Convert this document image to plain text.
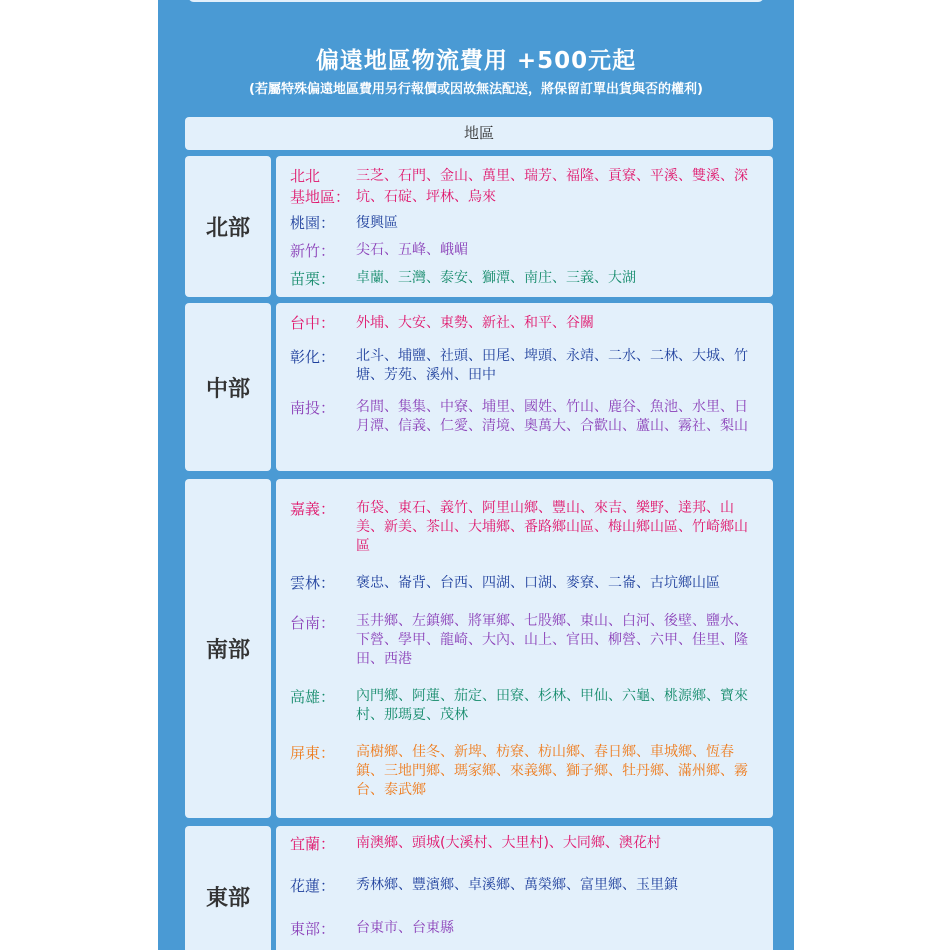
偏遠地區物流費用 +500元起
(若屬特殊偏遠地區費用另行報價或因故無法配送，將保留訂單出貨與否的權利)
地區
北部
北北
基地區：
三芝、石門、金山、萬里、瑞芳、福隆、貢寮、平溪、雙溪、深坑、石碇、坪林、烏來
桃園： 復興區
新竹： 尖石、五峰、峨嵋
苗栗： 卓蘭、三灣、泰安、獅潭、南庄、三義、大湖
中部
台中： 外埔、大安、東勢、新社、和平、谷關
彰化： 北斗、埔鹽、社頭、田尾、埤頭、永靖、二水、二林、大城、竹塘、芳苑、溪州、田中
南投： 名間、集集、中寮、埔里、國姓、竹山、鹿谷、魚池、水里、日月潭、信義、仁愛、清境、奧萬大、合歡山、蘆山、霧社、梨山
南部
嘉義： 布袋、東石、義竹、阿里山鄉、豐山、來吉、樂野、達邦、山美、新美、茶山、大埔鄉、番路鄉山區、梅山鄉山區、竹崎鄉山區
雲林： 褒忠、崙背、台西、四湖、口湖、麥寮、二崙、古坑鄉山區
台南： 玉井鄉、左鎮鄉、將軍鄉、七股鄉、東山、白河、後壁、鹽水、下營、學甲、龍崎、大內、山上、官田、柳營、六甲、佳里、隆田、西港
高雄： 內門鄉、阿蓮、茄定、田寮、杉林、甲仙、六龜、桃源鄉、寶來村、那瑪夏、茂林
屏東： 高樹鄉、佳冬、新埤、枋寮、枋山鄉、春日鄉、車城鄉、恆春鎮、三地門鄉、瑪家鄉、來義鄉、獅子鄉、牡丹鄉、滿州鄉、霧台、泰武鄉
東部
宜蘭： 南澳鄉、頭城(大溪村、大里村)、大同鄉、澳花村
花蓮： 秀林鄉、豐濱鄉、卓溪鄉、萬榮鄉、富里鄉、玉里鎮
東部： 台東市、台東縣
